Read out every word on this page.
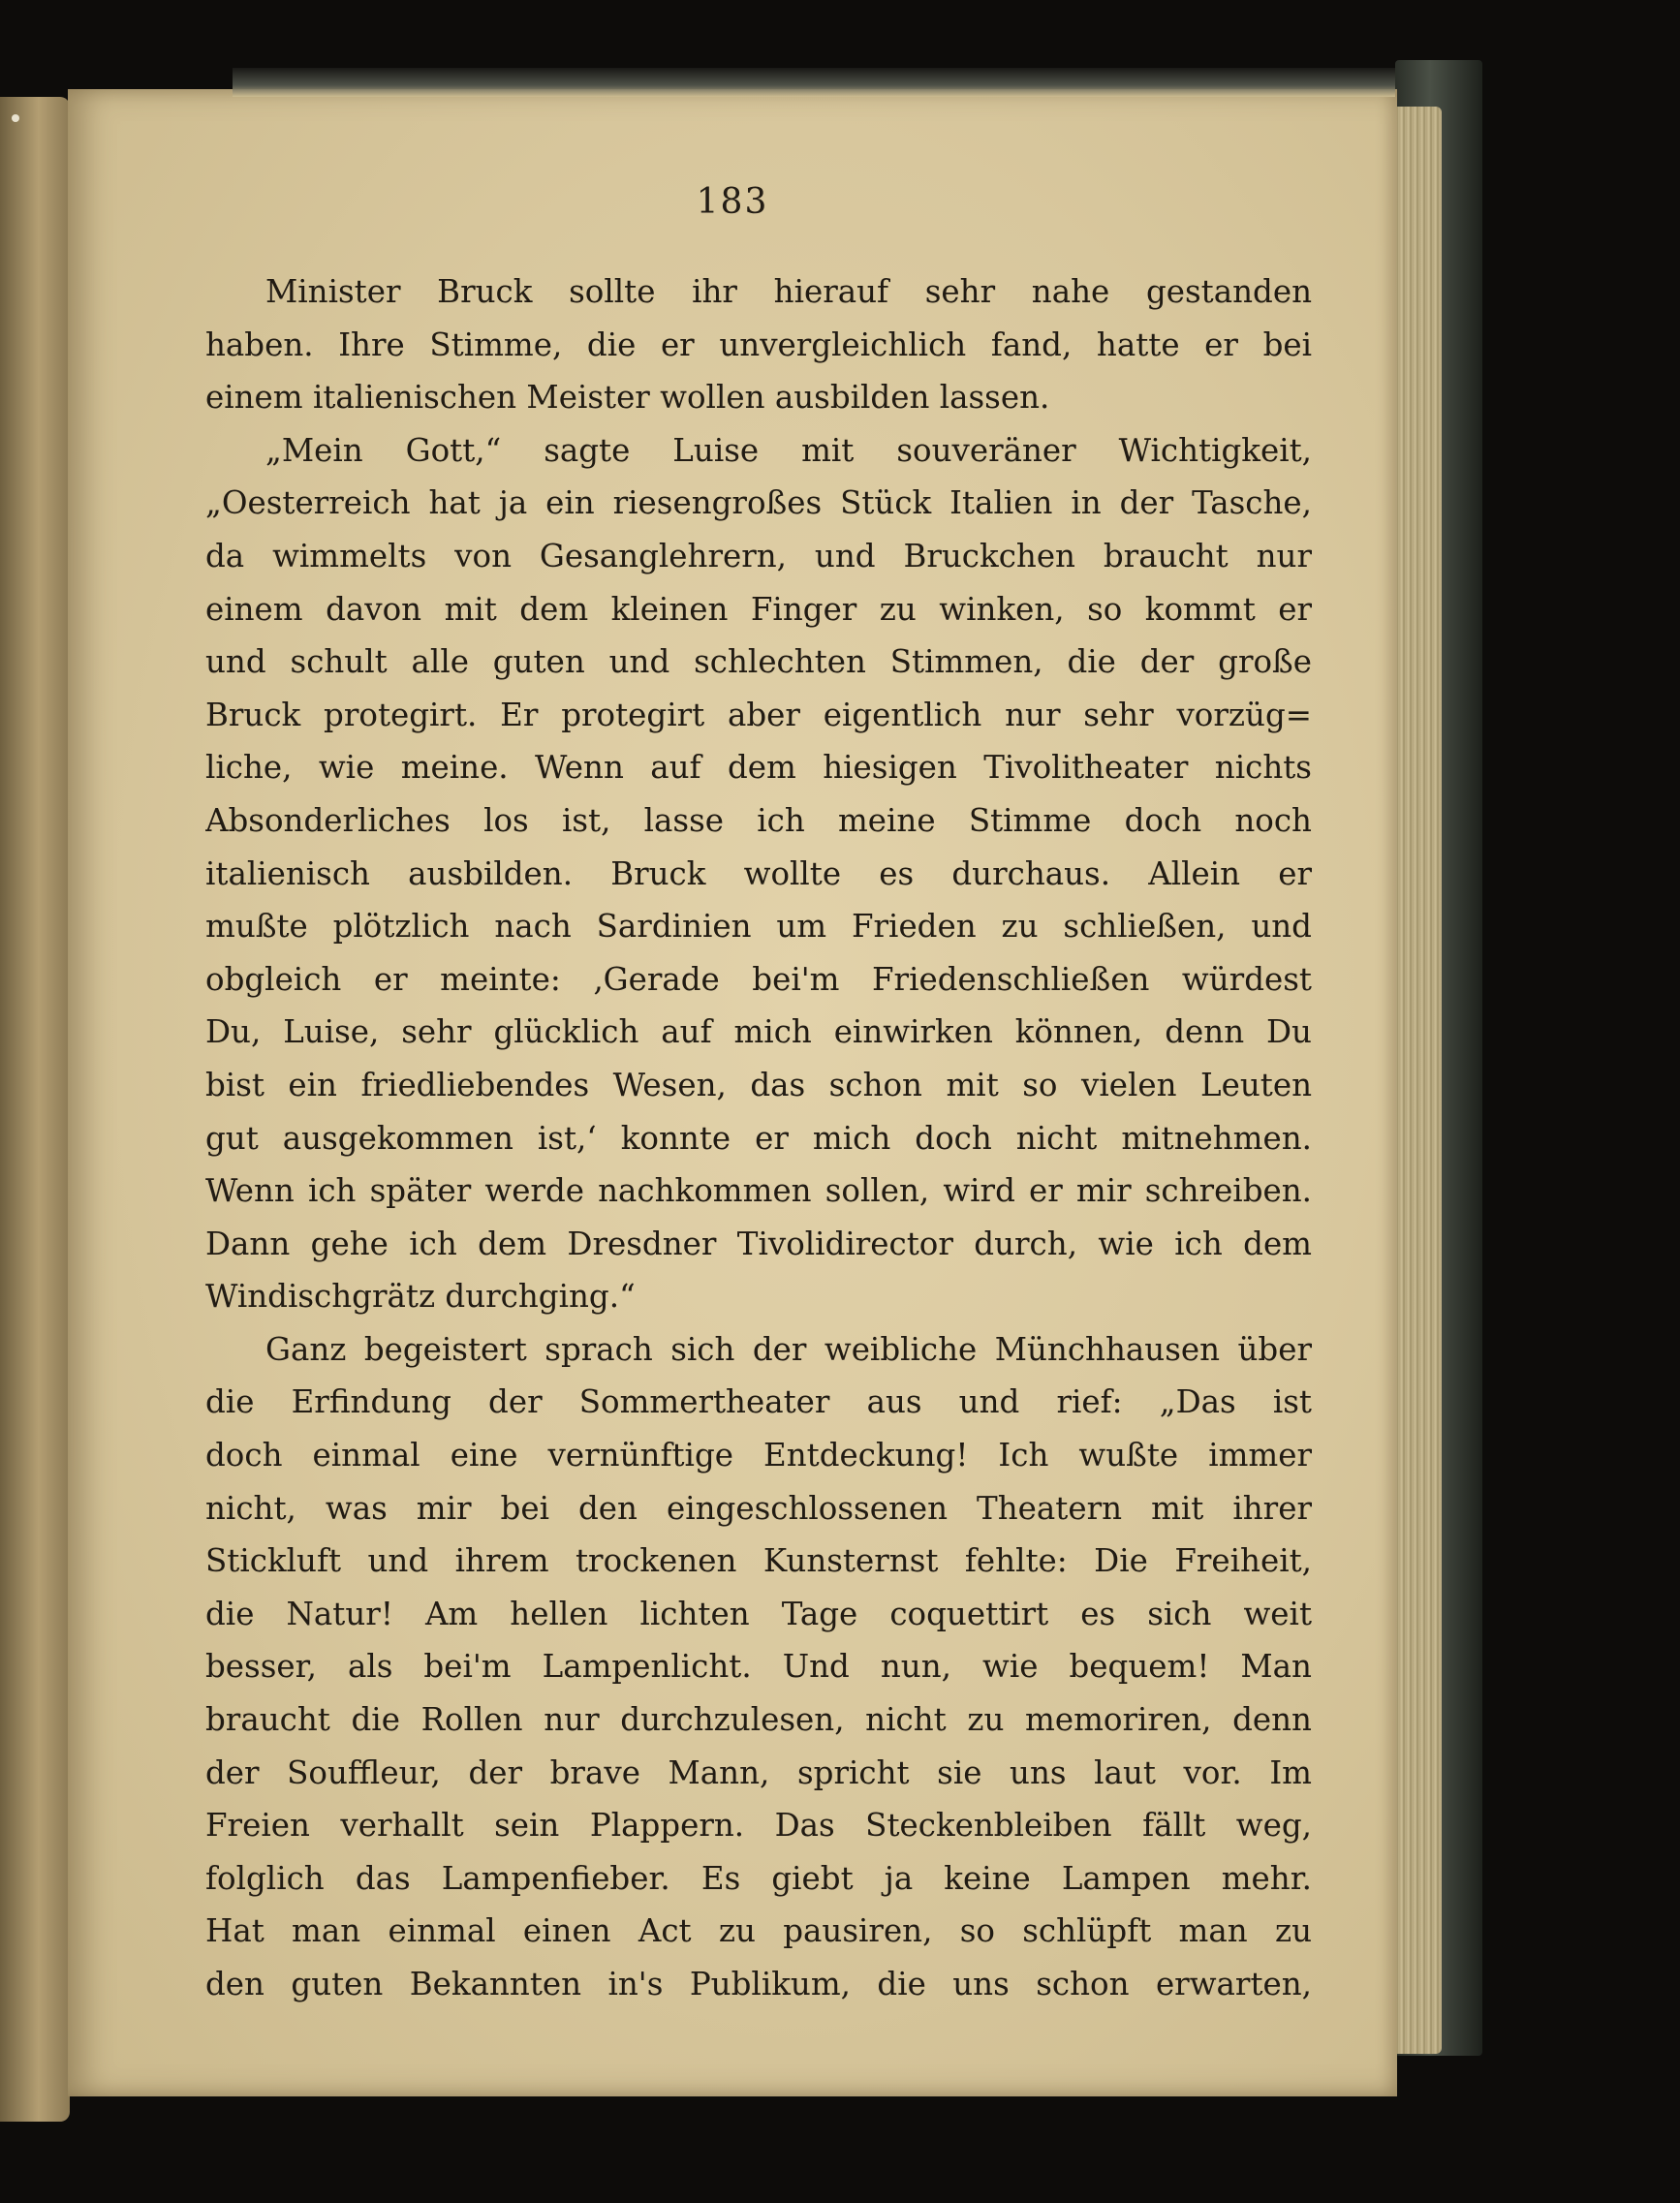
183
Minister Bruck sollte ihr hierauf sehr nahe gestanden
haben. Ihre Stimme, die er unvergleichlich fand, hatte er bei
einem italienischen Meister wollen ausbilden lassen.
„Mein Gott,“ sagte Luise mit souveräner Wichtigkeit,
„Oesterreich hat ja ein riesengroßes Stück Italien in der Tasche,
da wimmelts von Gesanglehrern, und Bruckchen braucht nur
einem davon mit dem kleinen Finger zu winken, so kommt er
und schult alle guten und schlechten Stimmen, die der große
Bruck protegirt. Er protegirt aber eigentlich nur sehr vorzüg=
liche, wie meine. Wenn auf dem hiesigen Tivolitheater nichts
Absonderliches los ist, lasse ich meine Stimme doch noch
italienisch ausbilden. Bruck wollte es durchaus. Allein er
mußte plötzlich nach Sardinien um Frieden zu schließen, und
obgleich er meinte: ‚Gerade bei'm Friedenschließen würdest
Du, Luise, sehr glücklich auf mich einwirken können, denn Du
bist ein friedliebendes Wesen, das schon mit so vielen Leuten
gut ausgekommen ist,‘ konnte er mich doch nicht mitnehmen.
Wenn ich später werde nachkommen sollen, wird er mir schreiben.
Dann gehe ich dem Dresdner Tivolidirector durch, wie ich dem
Windischgrätz durchging.“
Ganz begeistert sprach sich der weibliche Münchhausen über
die Erfindung der Sommertheater aus und rief: „Das ist
doch einmal eine vernünftige Entdeckung! Ich wußte immer
nicht, was mir bei den eingeschlossenen Theatern mit ihrer
Stickluft und ihrem trockenen Kunsternst fehlte: Die Freiheit,
die Natur! Am hellen lichten Tage coquettirt es sich weit
besser, als bei'm Lampenlicht. Und nun, wie bequem! Man
braucht die Rollen nur durchzulesen, nicht zu memoriren, denn
der Souffleur, der brave Mann, spricht sie uns laut vor. Im
Freien verhallt sein Plappern. Das Steckenbleiben fällt weg,
folglich das Lampenfieber. Es giebt ja keine Lampen mehr.
Hat man einmal einen Act zu pausiren, so schlüpft man zu
den guten Bekannten in's Publikum, die uns schon erwarten,
